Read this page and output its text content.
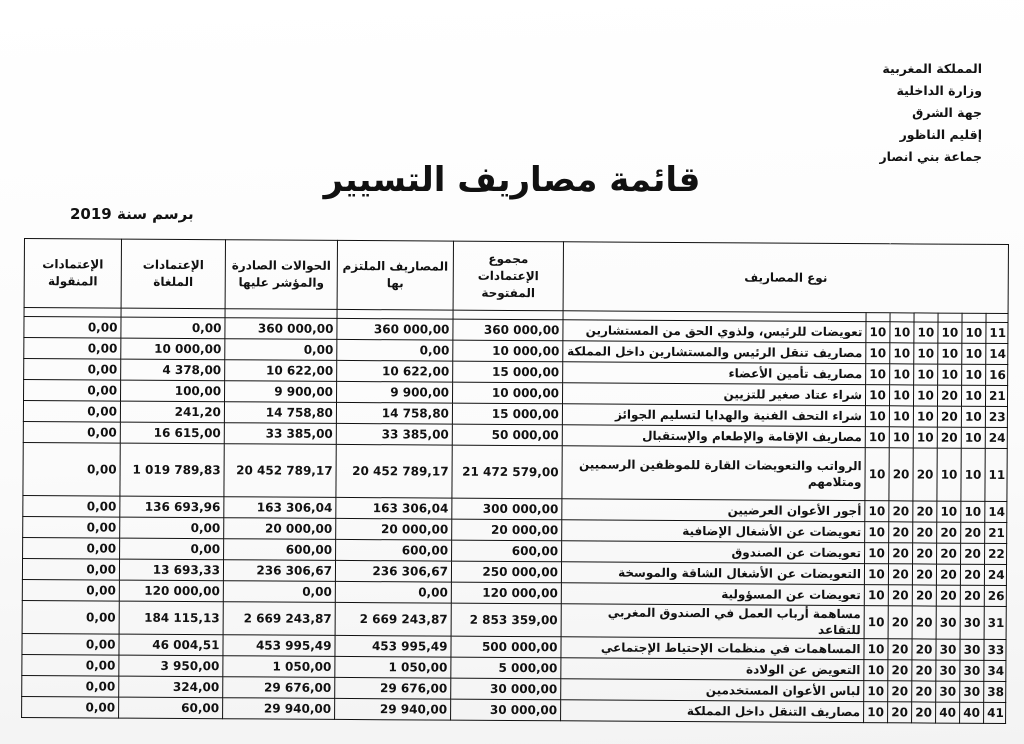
المملكة المغربية
وزارة الداخلية
جهة الشرق
إقليم الناظور
جماعة بني انصار
قائمة مصاريف التسيير
برسم سنة 2019
الإعتمادات المنقولة	الإعتمادات الملغاة	الحوالات الصادرة والمؤشر عليها	المصاريف الملتزم بها	مجموع الإعتمادات المفتوحة	نوع المصاريف						

0,00	0,00	360 000,00	360 000,00	360 000,00	تعويضات للرئيس، ولذوي الحق من المستشارين	10	10	10	10	10	11
0,00	10 000,00	0,00	0,00	10 000,00	مصاريف تنقل الرئيس والمستشارين داخل المملكة	10	10	10	10	10	14
0,00	4 378,00	10 622,00	10 622,00	15 000,00	مصاريف تأمين الأعضاء	10	10	10	10	10	16
0,00	100,00	9 900,00	9 900,00	10 000,00	شراء عتاد صغير للتزيين	10	10	10	20	10	21
0,00	241,20	14 758,80	14 758,80	15 000,00	شراء التحف الفنية والهدايا لتسليم الجوائز	10	10	10	20	10	23
0,00	16 615,00	33 385,00	33 385,00	50 000,00	مصاريف الإقامة والإطعام والإستقبال	10	10	10	20	10	24
0,00	1 019 789,83	20 452 789,17	20 452 789,17	21 472 579,00	الرواتب والتعويضات القارة للموظفين الرسميين ومتلامهم	10	20	20	10	10	11
0,00	136 693,96	163 306,04	163 306,04	300 000,00	أجور الأعوان العرضيين	10	20	20	10	10	14
0,00	0,00	20 000,00	20 000,00	20 000,00	تعويضات عن الأشغال الإضافية	10	20	20	20	20	21
0,00	0,00	600,00	600,00	600,00	تعويضات عن الصندوق	10	20	20	20	20	22
0,00	13 693,33	236 306,67	236 306,67	250 000,00	التعويضات عن الأشغال الشاقة والموسخة	10	20	20	20	20	24
0,00	120 000,00	0,00	0,00	120 000,00	تعويضات عن المسؤولية	10	20	20	20	20	26
0,00	184 115,13	2 669 243,87	2 669 243,87	2 853 359,00	مساهمة أرباب العمل في الصندوق المغربي للتقاعد	10	20	20	30	30	31
0,00	46 004,51	453 995,49	453 995,49	500 000,00	المساهمات في منظمات الإحتياط الإجتماعي	10	20	20	30	30	33
0,00	3 950,00	1 050,00	1 050,00	5 000,00	التعويض عن الولادة	10	20	20	30	30	34
0,00	324,00	29 676,00	29 676,00	30 000,00	لباس الأعوان المستخدمين	10	20	20	30	30	38
0,00	60,00	29 940,00	29 940,00	30 000,00	مصاريف التنقل داخل المملكة	10	20	20	40	40	41
